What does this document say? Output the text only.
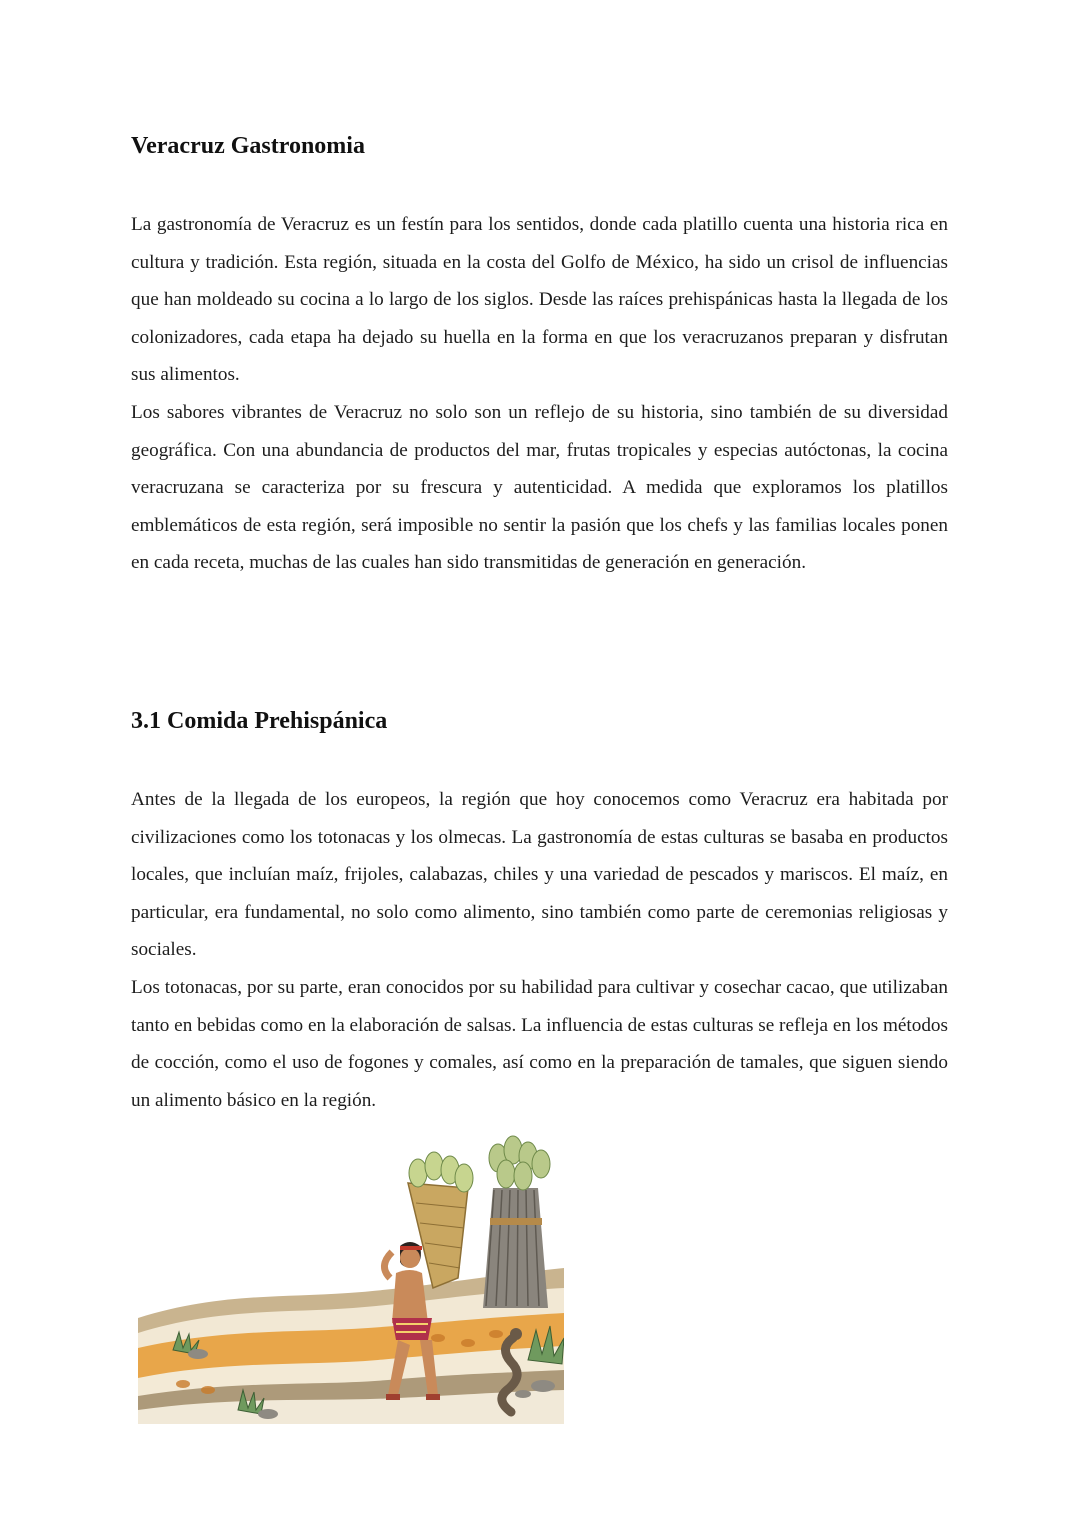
Veracruz Gastronomia

La gastronomía de Veracruz es un festín para los sentidos, donde cada platillo cuenta una historia rica en cultura y tradición. Esta región, situada en la costa del Golfo de México, ha sido un crisol de influencias que han moldeado su cocina a lo largo de los siglos. Desde las raíces prehispánicas hasta la llegada de los colonizadores, cada etapa ha dejado su huella en la forma en que los veracruzanos preparan y disfrutan sus alimentos.

Los sabores vibrantes de Veracruz no solo son un reflejo de su historia, sino también de su diversidad geográfica. Con una abundancia de productos del mar, frutas tropicales y especias autóctonas, la cocina veracruzana se caracteriza por su frescura y autenticidad. A medida que exploramos los platillos emblemáticos de esta región, será imposible no sentir la pasión que los chefs y las familias locales ponen en cada receta, muchas de las cuales han sido transmitidas de generación en generación.

3.1 Comida Prehispánica

Antes de la llegada de los europeos, la región que hoy conocemos como Veracruz era habitada por civilizaciones como los totonacas y los olmecas. La gastronomía de estas culturas se basaba en productos locales, que incluían maíz, frijoles, calabazas, chiles y una variedad de pescados y mariscos. El maíz, en particular, era fundamental, no solo como alimento, sino también como parte de ceremonias religiosas y sociales.

Los totonacas, por su parte, eran conocidos por su habilidad para cultivar y cosechar cacao, que utilizaban tanto en bebidas como en la elaboración de salsas. La influencia de estas culturas se refleja en los métodos de cocción, como el uso de fogones y comales, así como en la preparación de tamales, que siguen siendo un alimento básico en la región.
